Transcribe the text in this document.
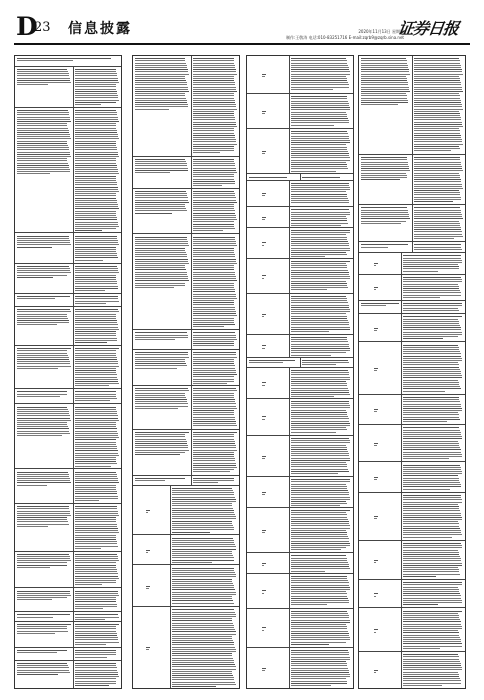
D
23 信息披露	2020年11月13日 星期四
制作:王敬涛 电话:010-83251716 E-mail:zqrb9@zqrb.sina.net
证券日报
